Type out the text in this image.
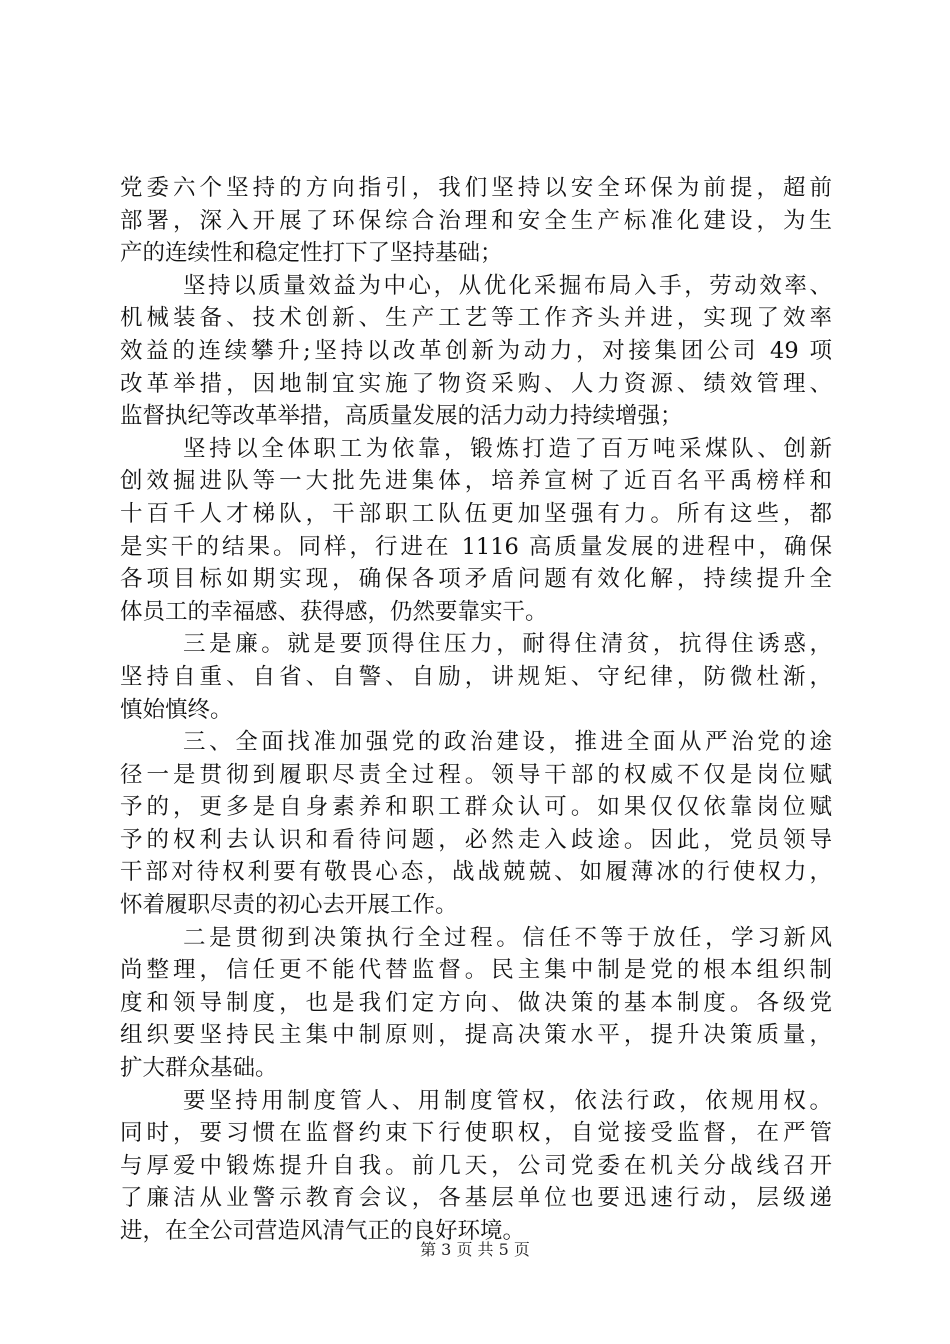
党委六个坚持的方向指引，我们坚持以安全环保为前提，超前
部署，深入开展了环保综合治理和安全生产标准化建设，为生
产的连续性和稳定性打下了坚持基础；
坚持以质量效益为中心，从优化采掘布局入手，劳动效率、
机械装备、技术创新、生产工艺等工作齐头并进，实现了效率
效益的连续攀升;坚持以改革创新为动力，对接集团公司 49 项
改革举措，因地制宜实施了物资采购、人力资源、绩效管理、
监督执纪等改革举措，高质量发展的活力动力持续增强；
坚持以全体职工为依靠，锻炼打造了百万吨采煤队、创新
创效掘进队等一大批先进集体，培养宣树了近百名平禹榜样和
十百千人才梯队，干部职工队伍更加坚强有力。所有这些，都
是实干的结果。同样，行进在 1116 高质量发展的进程中，确保
各项目标如期实现，确保各项矛盾问题有效化解，持续提升全
体员工的幸福感、获得感，仍然要靠实干。
三是廉。就是要顶得住压力，耐得住清贫，抗得住诱惑，
坚持自重、自省、自警、自励，讲规矩、守纪律，防微杜渐，
慎始慎终。
三、全面找准加强党的政治建设，推进全面从严治党的途
径一是贯彻到履职尽责全过程。领导干部的权威不仅是岗位赋
予的，更多是自身素养和职工群众认可。如果仅仅依靠岗位赋
予的权利去认识和看待问题，必然走入歧途。因此，党员领导
干部对待权利要有敬畏心态，战战兢兢、如履薄冰的行使权力，
怀着履职尽责的初心去开展工作。
二是贯彻到决策执行全过程。信任不等于放任，学习新风
尚整理，信任更不能代替监督。民主集中制是党的根本组织制
度和领导制度，也是我们定方向、做决策的基本制度。各级党
组织要坚持民主集中制原则，提高决策水平，提升决策质量，
扩大群众基础。
要坚持用制度管人、用制度管权，依法行政，依规用权。
同时，要习惯在监督约束下行使职权，自觉接受监督，在严管
与厚爱中锻炼提升自我。前几天，公司党委在机关分战线召开
了廉洁从业警示教育会议，各基层单位也要迅速行动，层级递
进，在全公司营造风清气正的良好环境。
第 3 页 共 5 页
